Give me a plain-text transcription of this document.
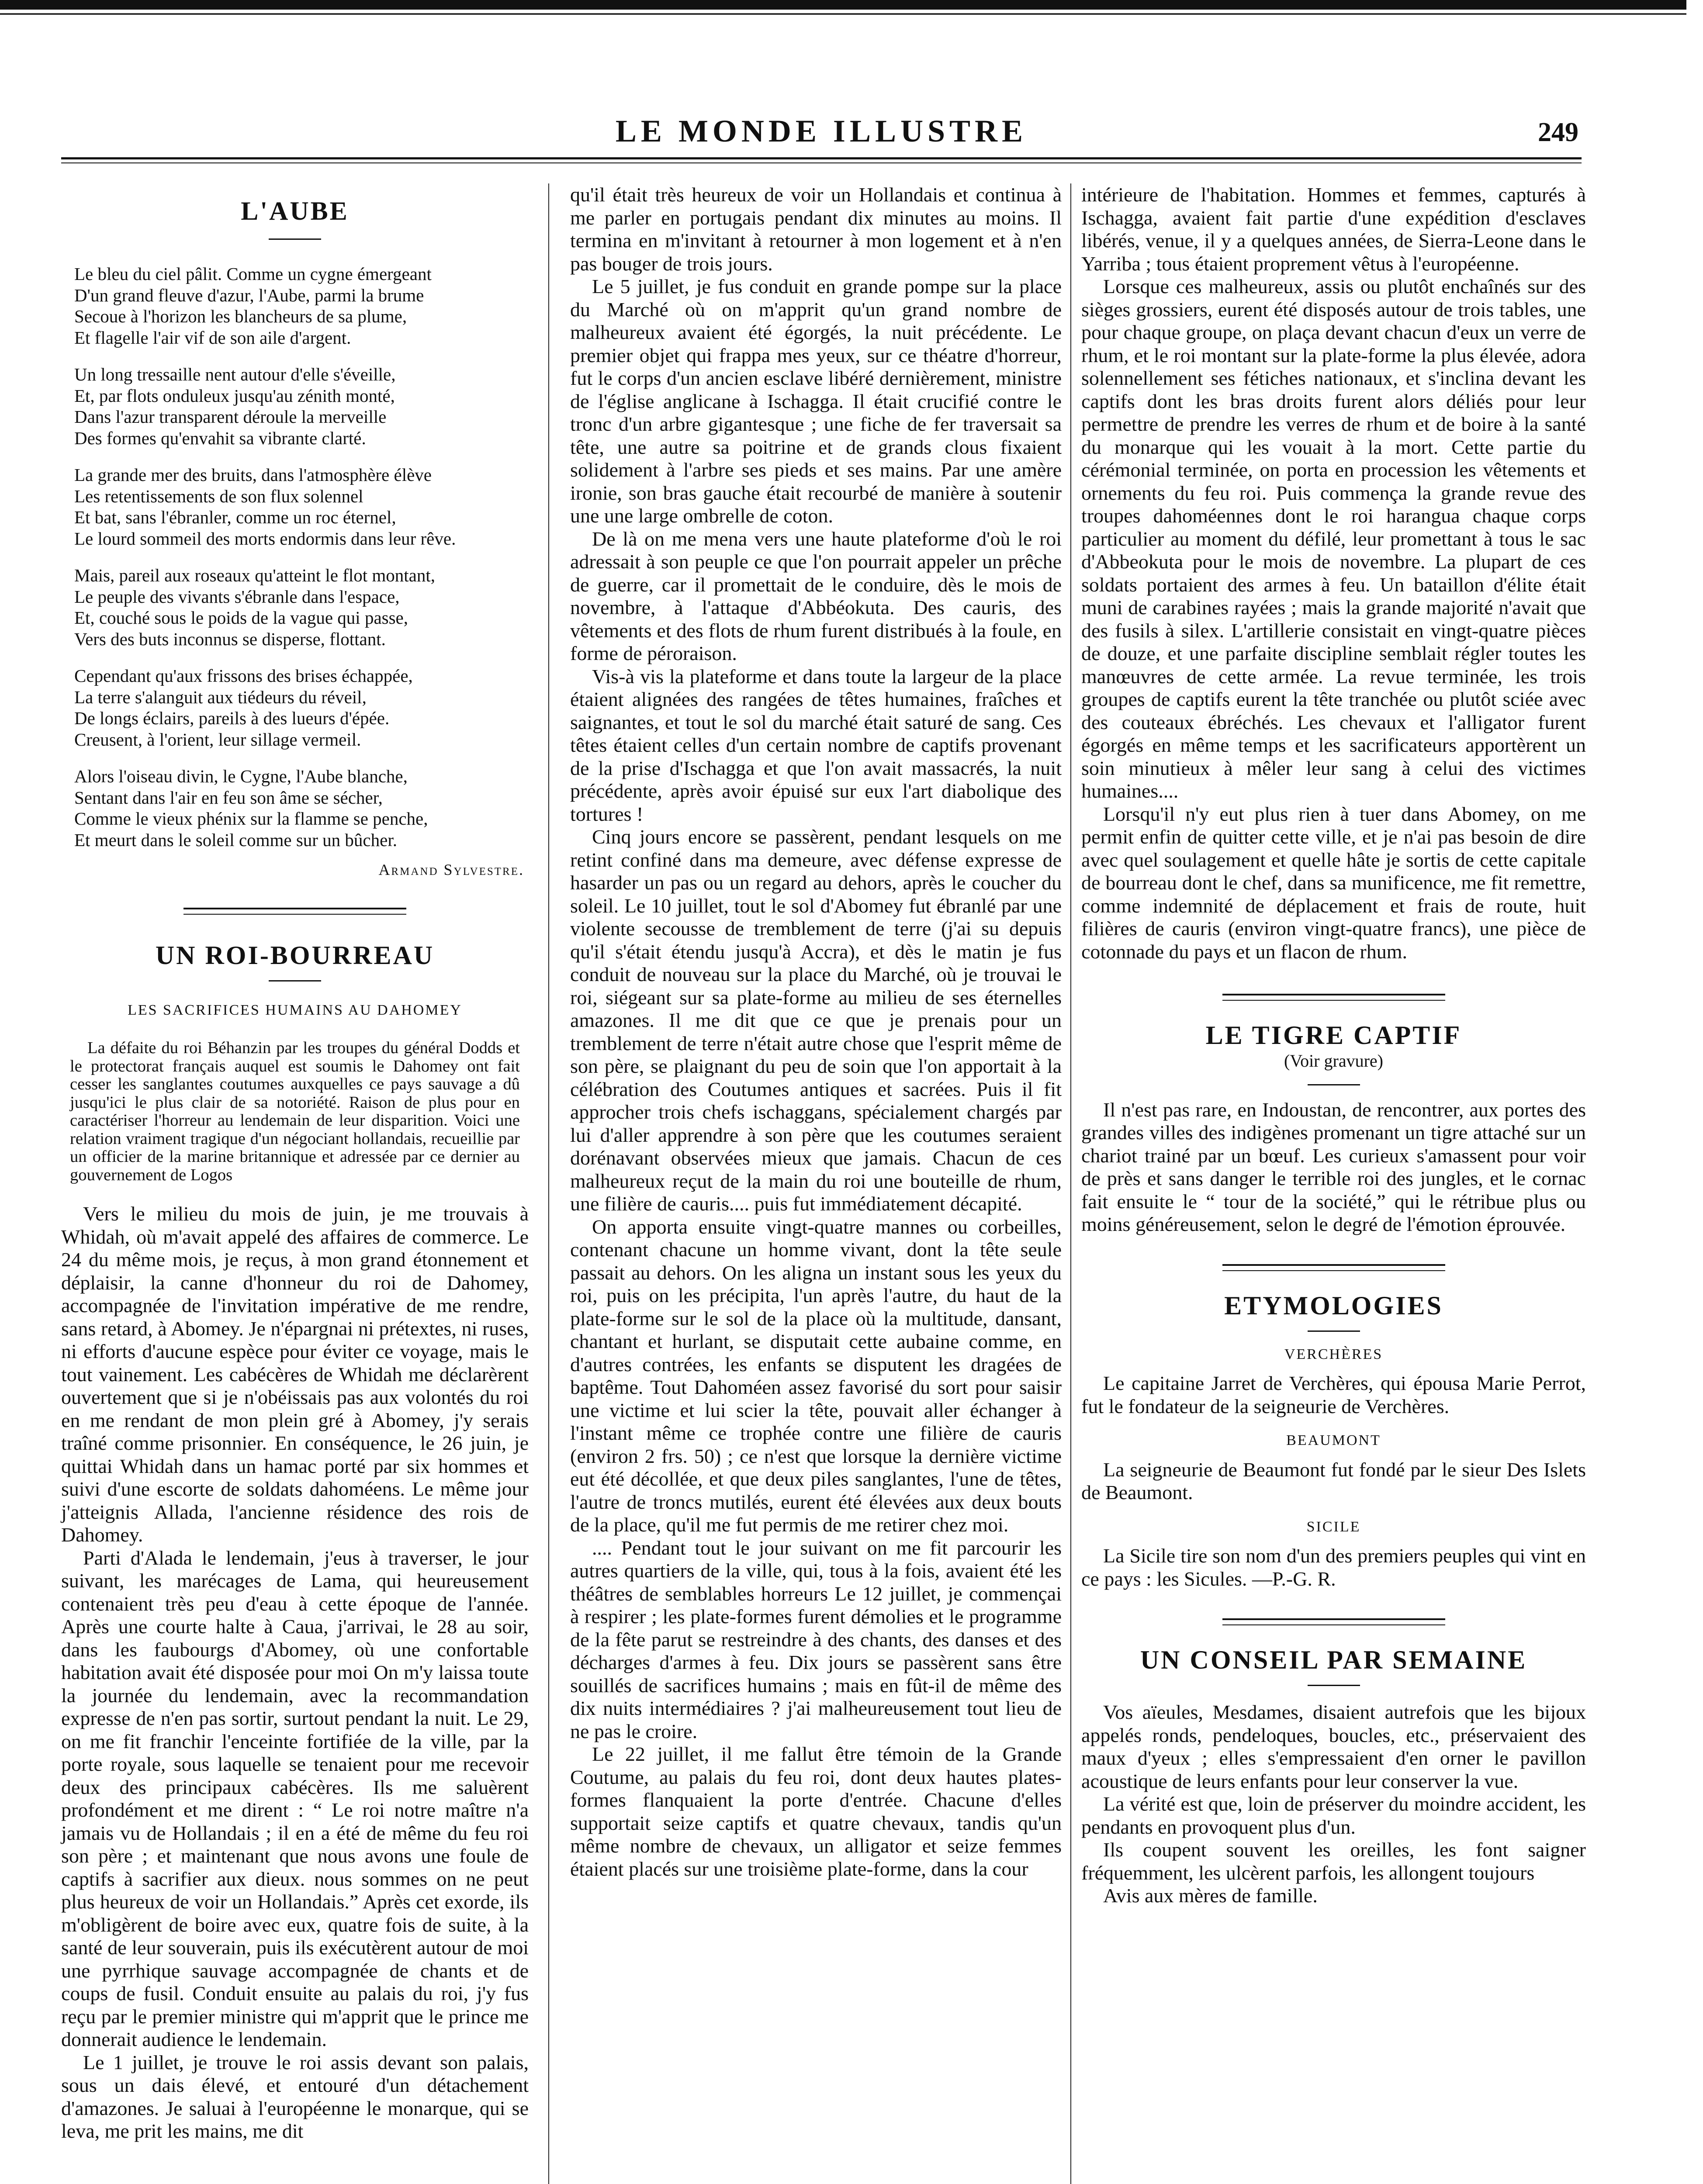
LE MONDE ILLUSTRE	249
L'AUBE
Le bleu du ciel pâlit. Comme un cygne émergeant
D'un grand fleuve d'azur, l'Aube, parmi la brume
Secoue à l'horizon les blancheurs de sa plume,
Et flagelle l'air vif de son aile d'argent.
Un long tressaille nent autour d'elle s'éveille,
Et, par flots onduleux jusqu'au zénith monté,
Dans l'azur transparent déroule la merveille
Des formes qu'envahit sa vibrante clarté.
La grande mer des bruits, dans l'atmosphère élève
Les retentissements de son flux solennel
Et bat, sans l'ébranler, comme un roc éternel,
Le lourd sommeil des morts endormis dans leur rêve.
Mais, pareil aux roseaux qu'atteint le flot montant,
Le peuple des vivants s'ébranle dans l'espace,
Et, couché sous le poids de la vague qui passe,
Vers des buts inconnus se disperse, flottant.
Cependant qu'aux frissons des brises échappée,
La terre s'alanguit aux tiédeurs du réveil,
De longs éclairs, pareils à des lueurs d'épée.
Creusent, à l'orient, leur sillage vermeil.
Alors l'oiseau divin, le Cygne, l'Aube blanche,
Sentant dans l'air en feu son âme se sécher,
Comme le vieux phénix sur la flamme se penche,
Et meurt dans le soleil comme sur un bûcher.

Armand Sylvestre.

UN ROI-BOURREAU

LES SACRIFICES HUMAINS AU DAHOMEY

La défaite du roi Béhanzin par les troupes du général Dodds et le protectorat français auquel est soumis le Dahomey ont fait cesser les sanglantes coutumes auxquelles ce pays sauvage a dû jusqu'ici le plus clair de sa notoriété. Raison de plus pour en caractériser l'horreur au lendemain de leur disparition. Voici une relation vraiment tragique d'un négociant hollandais, recueillie par un officier de la marine britannique et adressée par ce dernier au gouvernement de Logos

Vers le milieu du mois de juin, je me trouvais à Whidah, où m'avait appelé des affaires de commerce. Le 24 du même mois, je reçus, à mon grand étonnement et déplaisir, la canne d'honneur du roi de Dahomey, accompagnée de l'invitation impérative de me rendre, sans retard, à Abomey. Je n'épargnai ni prétextes, ni ruses, ni efforts d'aucune espèce pour éviter ce voyage, mais le tout vainement. Les cabécères de Whidah me déclarèrent ouvertement que si je n'obéissais pas aux volontés du roi en me rendant de mon plein gré à Abomey, j'y serais traîné comme prisonnier. En conséquence, le 26 juin, je quittai Whidah dans un hamac porté par six hommes et suivi d'une escorte de soldats dahoméens. Le même jour j'atteignis Allada, l'ancienne résidence des rois de Dahomey.

Parti d'Alada le lendemain, j'eus à traverser, le jour suivant, les marécages de Lama, qui heureusement contenaient très peu d'eau à cette époque de l'année. Après une courte halte à Caua, j'arrivai, le 28 au soir, dans les faubourgs d'Abomey, où une confortable habitation avait été disposée pour moi On m'y laissa toute la journée du lendemain, avec la recommandation expresse de n'en pas sortir, surtout pendant la nuit. Le 29, on me fit franchir l'enceinte fortifiée de la ville, par la porte royale, sous laquelle se tenaient pour me recevoir deux des principaux cabécères. Ils me saluèrent profondément et me dirent : “ Le roi notre maître n'a jamais vu de Hollandais ; il en a été de même du feu roi son père ; et maintenant que nous avons une foule de captifs à sacrifier aux dieux. nous sommes on ne peut plus heureux de voir un Hollandais.” Après cet exorde, ils m'obligèrent de boire avec eux, quatre fois de suite, à la santé de leur souverain, puis ils exécutèrent autour de moi une pyrrhique sauvage accompagnée de chants et de coups de fusil. Conduit ensuite au palais du roi, j'y fus reçu par le premier ministre qui m'apprit que le prince me donnerait audience le lendemain.

Le 1 juillet, je trouve le roi assis devant son palais, sous un dais élevé, et entouré d'un détachement d'amazones. Je saluai à l'européenne le monarque, qui se leva, me prit les mains, me dit

qu'il était très heureux de voir un Hollandais et continua à me parler en portugais pendant dix minutes au moins. Il termina en m'invitant à retourner à mon logement et à n'en pas bouger de trois jours.

Le 5 juillet, je fus conduit en grande pompe sur la place du Marché où on m'apprit qu'un grand nombre de malheureux avaient été égorgés, la nuit précédente. Le premier objet qui frappa mes yeux, sur ce théatre d'horreur, fut le corps d'un ancien esclave libéré dernièrement, ministre de l'église anglicane à Ischagga. Il était crucifié contre le tronc d'un arbre gigantesque ; une fiche de fer traversait sa tête, une autre sa poitrine et de grands clous fixaient solidement à l'arbre ses pieds et ses mains. Par une amère ironie, son bras gauche était recourbé de manière à soutenir une une large ombrelle de coton.

De là on me mena vers une haute plateforme d'où le roi adressait à son peuple ce que l'on pourrait appeler un prêche de guerre, car il promettait de le conduire, dès le mois de novembre, à l'attaque d'Abbéokuta. Des cauris, des vêtements et des flots de rhum furent distribués à la foule, en forme de péroraison.

Vis-à vis la plateforme et dans toute la largeur de la place étaient alignées des rangées de têtes humaines, fraîches et saignantes, et tout le sol du marché était saturé de sang. Ces têtes étaient celles d'un certain nombre de captifs provenant de la prise d'Ischagga et que l'on avait massacrés, la nuit précédente, après avoir épuisé sur eux l'art diabolique des tortures !

Cinq jours encore se passèrent, pendant lesquels on me retint confiné dans ma demeure, avec défense expresse de hasarder un pas ou un regard au dehors, après le coucher du soleil. Le 10 juillet, tout le sol d'Abomey fut ébranlé par une violente secousse de tremblement de terre (j'ai su depuis qu'il s'était étendu jusqu'à Accra), et dès le matin je fus conduit de nouveau sur la place du Marché, où je trouvai le roi, siégeant sur sa plate-forme au milieu de ses éternelles amazones. Il me dit que ce que je prenais pour un tremblement de terre n'était autre chose que l'esprit même de son père, se plaignant du peu de soin que l'on apportait à la célébration des Coutumes antiques et sacrées. Puis il fit approcher trois chefs ischaggans, spécialement chargés par lui d'aller apprendre à son père que les coutumes seraient dorénavant observées mieux que jamais. Chacun de ces malheureux reçut de la main du roi une bouteille de rhum, une filière de cauris.... puis fut immédiatement décapité.

On apporta ensuite vingt-quatre mannes ou corbeilles, contenant chacune un homme vivant, dont la tête seule passait au dehors. On les aligna un instant sous les yeux du roi, puis on les précipita, l'un après l'autre, du haut de la plate-forme sur le sol de la place où la multitude, dansant, chantant et hurlant, se disputait cette aubaine comme, en d'autres contrées, les enfants se disputent les dragées de baptême. Tout Dahoméen assez favorisé du sort pour saisir une victime et lui scier la tête, pouvait aller échanger à l'instant même ce trophée contre une filière de cauris (environ 2 frs. 50) ; ce n'est que lorsque la dernière victime eut été décollée, et que deux piles sanglantes, l'une de têtes, l'autre de troncs mutilés, eurent été élevées aux deux bouts de la place, qu'il me fut permis de me retirer chez moi.

.... Pendant tout le jour suivant on me fit parcourir les autres quartiers de la ville, qui, tous à la fois, avaient été les théâtres de semblables horreurs Le 12 juillet, je commençai à respirer ; les plate-formes furent démolies et le programme de la fête parut se restreindre à des chants, des danses et des décharges d'armes à feu. Dix jours se passèrent sans être souillés de sacrifices humains ; mais en fût-il de même des dix nuits intermédiaires ? j'ai malheureusement tout lieu de ne pas le croire.

Le 22 juillet, il me fallut être témoin de la Grande Coutume, au palais du feu roi, dont deux hautes plates-formes flanquaient la porte d'entrée. Chacune d'elles supportait seize captifs et quatre chevaux, tandis qu'un même nombre de chevaux, un alligator et seize femmes étaient placés sur une troisième plate-forme, dans la cour

intérieure de l'habitation. Hommes et femmes, capturés à Ischagga, avaient fait partie d'une expédition d'esclaves libérés, venue, il y a quelques années, de Sierra-Leone dans le Yarriba ; tous étaient proprement vêtus à l'européenne.

Lorsque ces malheureux, assis ou plutôt enchaînés sur des sièges grossiers, eurent été disposés autour de trois tables, une pour chaque groupe, on plaça devant chacun d'eux un verre de rhum, et le roi montant sur la plate-forme la plus élevée, adora solennellement ses fétiches nationaux, et s'inclina devant les captifs dont les bras droits furent alors déliés pour leur permettre de prendre les verres de rhum et de boire à la santé du monarque qui les vouait à la mort. Cette partie du cérémonial terminée, on porta en procession les vêtements et ornements du feu roi. Puis commença la grande revue des troupes dahoméennes dont le roi harangua chaque corps particulier au moment du défilé, leur promettant à tous le sac d'Abbeokuta pour le mois de novembre. La plupart de ces soldats portaient des armes à feu. Un bataillon d'élite était muni de carabines rayées ; mais la grande majorité n'avait que des fusils à silex. L'artillerie consistait en vingt-quatre pièces de douze, et une parfaite discipline semblait régler toutes les manœuvres de cette armée. La revue terminée, les trois groupes de captifs eurent la tête tranchée ou plutôt sciée avec des couteaux ébréchés. Les chevaux et l'alligator furent égorgés en même temps et les sacrificateurs apportèrent un soin minutieux à mêler leur sang à celui des victimes humaines....

Lorsqu'il n'y eut plus rien à tuer dans Abomey, on me permit enfin de quitter cette ville, et je n'ai pas besoin de dire avec quel soulagement et quelle hâte je sortis de cette capitale de bourreau dont le chef, dans sa munificence, me fit remettre, comme indemnité de déplacement et frais de route, huit filières de cauris (environ vingt-quatre francs), une pièce de cotonnade du pays et un flacon de rhum.

LE TIGRE CAPTIF

(Voir gravure)

Il n'est pas rare, en Indoustan, de rencontrer, aux portes des grandes villes des indigènes promenant un tigre attaché sur un chariot trainé par un bœuf. Les curieux s'amassent pour voir de près et sans danger le terrible roi des jungles, et le cornac fait ensuite le “ tour de la société,” qui le rétribue plus ou moins généreusement, selon le degré de l'émotion éprouvée.

ETYMOLOGIES

VERCHÈRES

Le capitaine Jarret de Verchères, qui épousa Marie Perrot, fut le fondateur de la seigneurie de Verchères.

BEAUMONT

La seigneurie de Beaumont fut fondé par le sieur Des Islets de Beaumont.

SICILE

La Sicile tire son nom d'un des premiers peuples qui vint en ce pays : les Sicules. —P.-G. R.

UN CONSEIL PAR SEMAINE

Vos aïeules, Mesdames, disaient autrefois que les bijoux appelés ronds, pendeloques, boucles, etc., préservaient des maux d'yeux ; elles s'empressaient d'en orner le pavillon acoustique de leurs enfants pour leur conserver la vue.

La vérité est que, loin de préserver du moindre accident, les pendants en provoquent plus d'un.

Ils coupent souvent les oreilles, les font saigner fréquemment, les ulcèrent parfois, les allongent toujours

Avis aux mères de famille.
